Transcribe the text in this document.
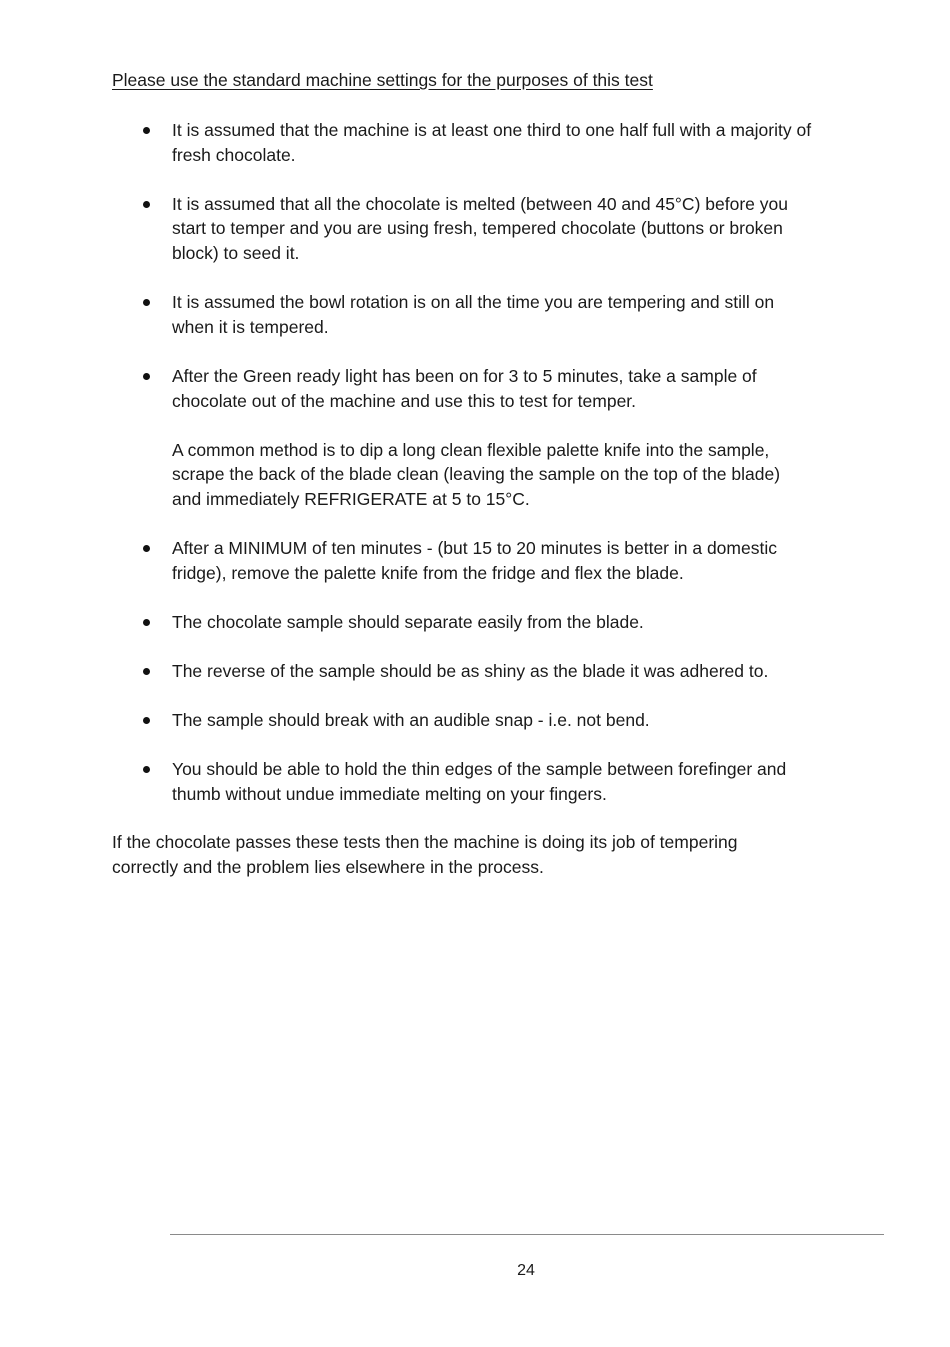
Please use the standard machine settings for the purposes of this test
It is assumed that the machine is at least one third to one half full with a majority of fresh chocolate.
It is assumed that all the chocolate is melted (between 40 and 45°C) before you start to temper and you are using fresh, tempered chocolate (buttons or broken block) to seed it.
It is assumed the bowl rotation is on all the time you are tempering and still on when it is tempered.
After the Green ready light has been on for 3 to 5 minutes, take a sample of chocolate out of the machine and use this to test for temper.
A common method is to dip a long clean flexible palette knife into the sample, scrape the back of the blade clean (leaving the sample on the top of the blade) and immediately REFRIGERATE at 5 to 15°C.
After a MINIMUM of ten minutes - (but 15 to 20 minutes is better in a domestic fridge), remove the palette knife from the fridge and flex the blade.
The chocolate sample should separate easily from the blade.
The reverse of the sample should be as shiny as the blade it was adhered to.
The sample should break with an audible snap - i.e. not bend.
You should be able to hold the thin edges of the sample between forefinger and thumb without undue immediate melting on your fingers.

If the chocolate passes these tests then the machine is doing its job of tempering correctly and the problem lies elsewhere in the process.

24
